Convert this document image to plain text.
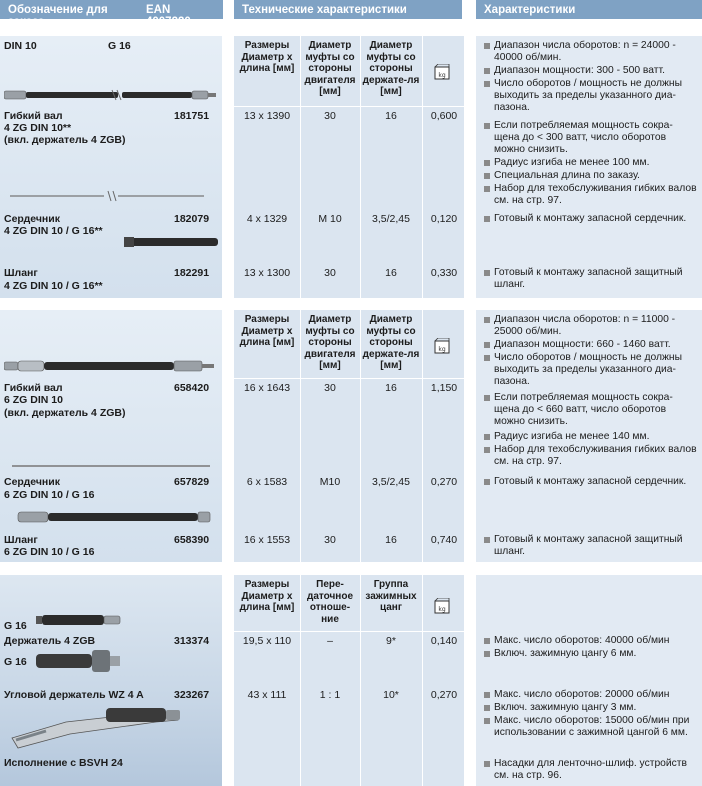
Обозначение для заказа
EAN 4007220
Технические характеристики	Характеристики
DIN 10	G 16
Гибкий вал
4 ZG DIN 10**
(вкл. держатель 4 ZGB)
181751
Сердечник
4 ZG DIN 10 / G 16**
182079
Шланг
4 ZG DIN 10 / G 16**
182291
Размеры Диаметр х длина [мм]
Диаметр муфты со стороны двигателя [мм]
Диаметр муфты со стороны держате-ля [мм]
kg
13 x 1390	30	16	0,600
4 x 1329	M 10	3,5/2,45	0,120
13 x 1300	30	16	0,330
Диапазон числа оборотов: n = 24000 - 40000 об/мин.
Диапазон мощности: 300 - 500 ватт.
Число оборотов / мощность не должны выходить за пределы указанного диа-пазона.
Если потребляемая мощность сокра-щена до < 300 ватт, число оборотов можно снизить.
Радиус изгиба не менее 100 мм.
Специальная длина по заказу.
Набор для техобслуживания гибких валов см. на стр. 97.
Готовый к монтажу запасной сердечник.
Готовый к монтажу запасной защитный шланг.
Гибкий вал
6 ZG DIN 10
(вкл. держатель 4 ZGB)
658420
Сердечник
6 ZG DIN 10 / G 16
657829
Шланг
6 ZG DIN 10 / G 16
658390
Размеры Диаметр х длина [мм]
Диаметр муфты со стороны двигателя [мм]
Диаметр муфты со стороны держате-ля [мм]
kg
16 x 1643	30	16	1,150
6 x 1583	M10	3,5/2,45	0,270
16 x 1553	30	16	0,740
Диапазон числа оборотов: n = 11000 - 25000 об/мин.
Диапазон мощности: 660 - 1460 ватт.
Число оборотов / мощность не должны выходить за пределы указанного диа-пазона.
Если потребляемая мощность сокра-щена до < 660 ватт, число оборотов можно снизить.
Радиус изгиба не менее 140 мм.
Набор для техобслуживания гибких валов см. на стр. 97.
Готовый к монтажу запасной сердечник.
Готовый к монтажу запасной защитный шланг.
G 16
Держатель 4 ZGB	313374
G 16
Угловой держатель WZ 4 A	323267
Исполнение с BSVH 24
Размеры Диаметр х длина [мм]
Пере-даточное отноше-ние
Группа зажимных цанг	kg
19,5 x 110	–	9*	0,140
43 x 111	1 : 1	10*	0,270
Макс. число оборотов: 40000 об/мин
Включ. зажимную цангу 6 мм.
Макс. число оборотов: 20000 об/мин
Включ. зажимную цангу 3 мм.
Макс. число оборотов: 15000 об/мин при использовании с зажимной цангой 6 мм.
Насадки для ленточно-шлиф. устройств см. на стр. 96.
